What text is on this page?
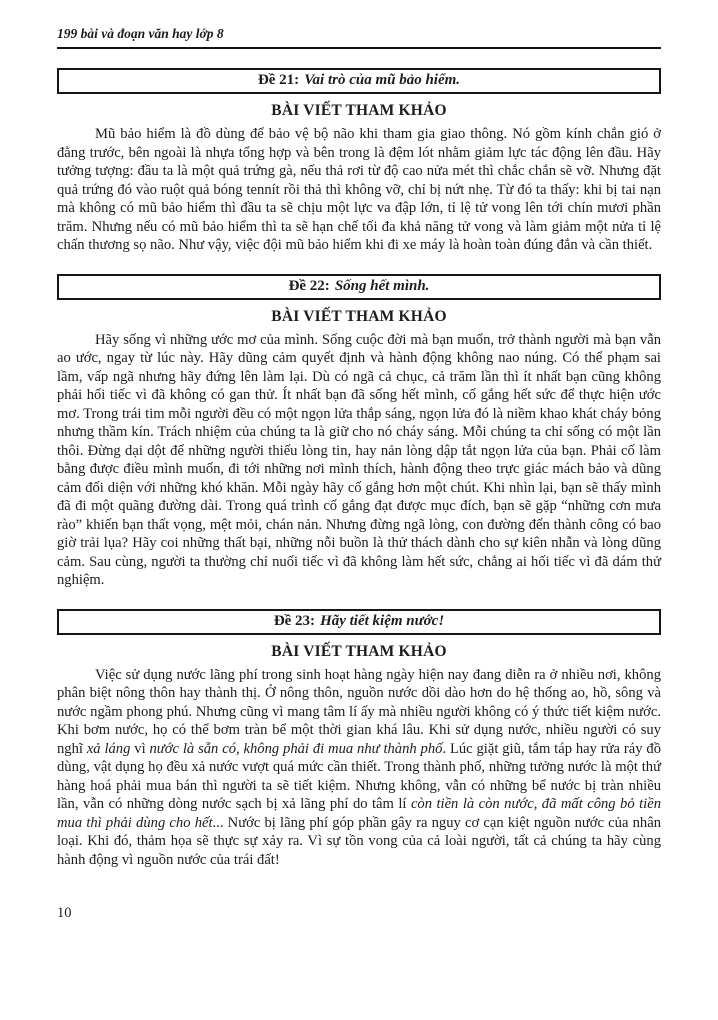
199 bài và đoạn văn hay lớp 8
Đề 21: Vai trò của mũ bảo hiểm.
BÀI VIẾT THAM KHẢO

Mũ bảo hiểm là đồ dùng để bảo vệ bộ não khi tham gia giao thông. Nó gồm kính chắn gió ở đằng trước, bên ngoài là nhựa tổng hợp và bên trong là đệm lót nhằm giảm lực tác động lên đầu. Hãy tưởng tượng: đầu ta là một quả trứng gà, nếu thả rơi từ độ cao nửa mét thì chắc chắn sẽ vỡ. Nhưng đặt quả trứng đó vào ruột quả bóng tennít rồi thả thì không vỡ, chỉ bị nứt nhẹ. Từ đó ta thấy: khi bị tai nạn mà không có mũ bảo hiểm thì đầu ta sẽ chịu một lực va đập lớn, tỉ lệ tử vong lên tới chín mươi phần trăm. Nhưng nếu có mũ bảo hiểm thì ta sẽ hạn chế tối đa khả năng tử vong và làm giảm một nửa tỉ lệ chấn thương sọ não. Như vậy, việc đội mũ bảo hiểm khi đi xe máy là hoàn toàn đúng đắn và cần thiết.

Đề 22: Sống hết mình.
BÀI VIẾT THAM KHẢO

Hãy sống vì những ước mơ của mình. Sống cuộc đời mà bạn muốn, trở thành người mà bạn vẫn ao ước, ngay từ lúc này. Hãy dũng cảm quyết định và hành động không nao núng. Có thể phạm sai lầm, vấp ngã nhưng hãy đứng lên làm lại. Dù có ngã cả chục, cả trăm lần thì ít nhất bạn cũng không phải hối tiếc vì đã không có gan thử. Ít nhất bạn đã sống hết mình, cố gắng hết sức để thực hiện ước mơ. Trong trái tim mỗi người đều có một ngọn lửa thắp sáng, ngọn lửa đó là niềm khao khát cháy bỏng nhưng thầm kín. Trách nhiệm của chúng ta là giữ cho nó cháy sáng. Mỗi chúng ta chỉ sống có một lần thôi. Đừng dại dột để những người thiếu lòng tin, hay nản lòng dập tắt ngọn lửa của bạn. Phải cố làm bằng được điều mình muốn, đi tới những nơi mình thích, hành động theo trực giác mách bảo và dũng cảm đối diện với những khó khăn. Mỗi ngày hãy cố gắng hơn một chút. Khi nhìn lại, bạn sẽ thấy mình đã đi một quãng đường dài. Trong quá trình cố gắng đạt được mục đích, bạn sẽ gặp “những cơn mưa rào” khiến bạn thất vọng, mệt mỏi, chán nản. Nhưng đừng ngã lòng, con đường đến thành công có bao giờ trải lụa? Hãy coi những thất bại, những nỗi buồn là thử thách dành cho sự kiên nhẫn và lòng dũng cảm. Sau cùng, người ta thường chỉ nuối tiếc vì đã không làm hết sức, chẳng ai hối tiếc vì đã dám thử nghiệm.

Đề 23: Hãy tiết kiệm nước!
BÀI VIẾT THAM KHẢO

Việc sử dụng nước lãng phí trong sinh hoạt hàng ngày hiện nay đang diễn ra ở nhiều nơi, không phân biệt nông thôn hay thành thị. Ở nông thôn, nguồn nước dồi dào hơn do hệ thống ao, hồ, sông và nước ngầm phong phú. Nhưng cũng vì mang tâm lí ấy mà nhiều người không có ý thức tiết kiệm nước. Khi bơm nước, họ có thể bơm tràn bể một thời gian khá lâu. Khi sử dụng nước, nhiều người có suy nghĩ xả láng vì nước là sẵn có, không phải đi mua như thành phố. Lúc giặt giũ, tắm táp hay rửa ráy đồ dùng, vật dụng họ đều xả nước vượt quá mức cần thiết. Trong thành phố, những tưởng nước là một thứ hàng hoá phải mua bán thì người ta sẽ tiết kiệm. Nhưng không, vẫn có những bể nước bị tràn nhiều lần, vẫn có những dòng nước sạch bị xả lãng phí do tâm lí còn tiền là còn nước, đã mất công bỏ tiền mua thì phải dùng cho hết... Nước bị lãng phí góp phần gây ra nguy cơ cạn kiệt nguồn nước của nhân loại. Khi đó, thảm họa sẽ thực sự xảy ra. Vì sự tồn vong của cả loài người, tất cả chúng ta hãy cùng hành động vì nguồn nước của trái đất!

10
